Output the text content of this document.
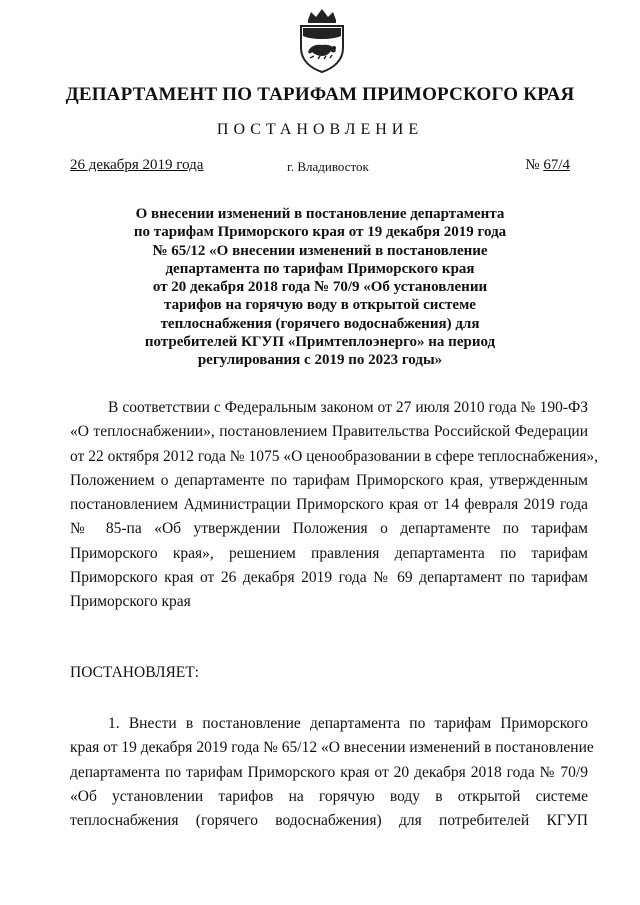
ДЕПАРТАМЕНТ ПО ТАРИФАМ ПРИМОРСКОГО КРАЯ
ПОСТАНОВЛЕНИЕ
26 декабря 2019 года	г. Владивосток	№ 67/4
О внесении изменений в постановление департамента
по тарифам Приморского края от 19 декабря 2019 года
№ 65/12 «О внесении изменений в постановление
департамента по тарифам Приморского края
от 20 декабря 2018 года № 70/9 «Об установлении
тарифов на горячую воду в открытой системе
теплоснабжения (горячего водоснабжения) для
потребителей КГУП «Примтеплоэнерго» на период
регулирования с 2019 по 2023 годы»
В соответствии с Федеральным законом от 27 июля 2010 года № 190-ФЗ
«О теплоснабжении», постановлением Правительства Российской Федерации
от 22 октября 2012 года № 1075 «О ценообразовании в сфере теплоснабжения»,
Положением о департаменте по тарифам Приморского края, утвержденным
постановлением Администрации Приморского края от 14 февраля 2019 года
№ 85-па «Об утверждении Положения о департаменте по тарифам
Приморского края», решением правления департамента по тарифам
Приморского края от 26 декабря 2019 года № 69 департамент по тарифам
Приморского края
ПОСТАНОВЛЯЕТ:
1. Внести в постановление департамента по тарифам Приморского
края от 19 декабря 2019 года № 65/12 «О внесении изменений в постановление
департамента по тарифам Приморского края от 20 декабря 2018 года № 70/9
«Об установлении тарифов на горячую воду в открытой системе
теплоснабжения (горячего водоснабжения) для потребителей КГУП
